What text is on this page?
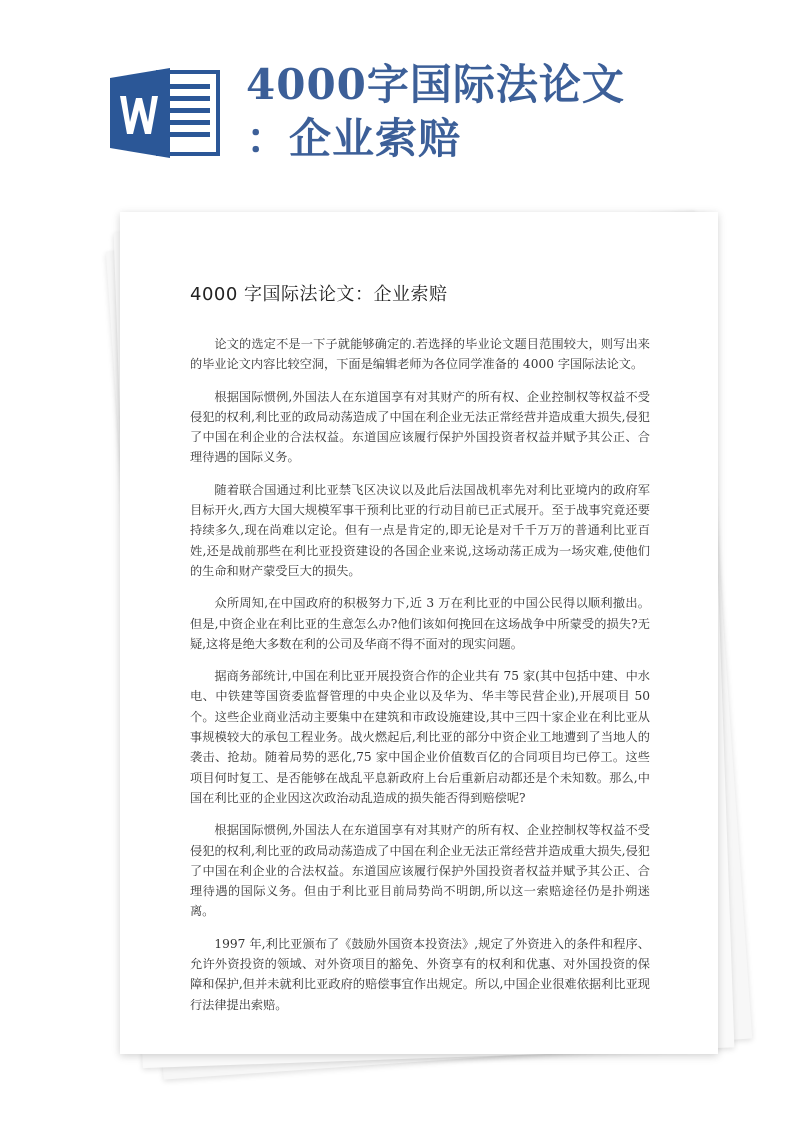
4000字国际法论文
：企业索赔
4000 字国际法论文：企业索赔

论文的选定不是一下子就能够确定的.若选择的毕业论文题目范围较大，则写出来的毕业论文内容比较空洞，下面是编辑老师为各位同学准备的 4000 字国际法论文。

根据国际惯例,外国法人在东道国享有对其财产的所有权、企业控制权等权益不受侵犯的权利,利比亚的政局动荡造成了中国在利企业无法正常经营并造成重大损失,侵犯了中国在利企业的合法权益。东道国应该履行保护外国投资者权益并赋予其公正、合理待遇的国际义务。

随着联合国通过利比亚禁飞区决议以及此后法国战机率先对利比亚境内的政府军目标开火,西方大国大规模军事干预利比亚的行动目前已正式展开。至于战事究竟还要持续多久,现在尚难以定论。但有一点是肯定的,即无论是对千千万万的普通利比亚百姓,还是战前那些在利比亚投资建设的各国企业来说,这场动荡正成为一场灾难,使他们的生命和财产蒙受巨大的损失。

众所周知,在中国政府的积极努力下,近 3 万在利比亚的中国公民得以顺利撤出。但是,中资企业在利比亚的生意怎么办?他们该如何挽回在这场战争中所蒙受的损失?无疑,这将是绝大多数在利的公司及华商不得不面对的现实问题。

据商务部统计,中国在利比亚开展投资合作的企业共有 75 家(其中包括中建、中水电、中铁建等国资委监督管理的中央企业以及华为、华丰等民营企业),开展项目 50 个。这些企业商业活动主要集中在建筑和市政设施建设,其中三四十家企业在利比亚从事规模较大的承包工程业务。战火燃起后,利比亚的部分中资企业工地遭到了当地人的袭击、抢劫。随着局势的恶化,75 家中国企业价值数百亿的合同项目均已停工。这些项目何时复工、是否能够在战乱平息新政府上台后重新启动都还是个未知数。那么,中国在利比亚的企业因这次政治动乱造成的损失能否得到赔偿呢?

根据国际惯例,外国法人在东道国享有对其财产的所有权、企业控制权等权益不受侵犯的权利,利比亚的政局动荡造成了中国在利企业无法正常经营并造成重大损失,侵犯了中国在利企业的合法权益。东道国应该履行保护外国投资者权益并赋予其公正、合理待遇的国际义务。但由于利比亚目前局势尚不明朗,所以这一索赔途径仍是扑朔迷离。

1997 年,利比亚颁布了《鼓励外国资本投资法》,规定了外资进入的条件和程序、允许外资投资的领域、对外资项目的豁免、外资享有的权利和优惠、对外国投资的保障和保护,但并未就利比亚政府的赔偿事宜作出规定。所以,中国企业很难依据利比亚现行法律提出索赔。
